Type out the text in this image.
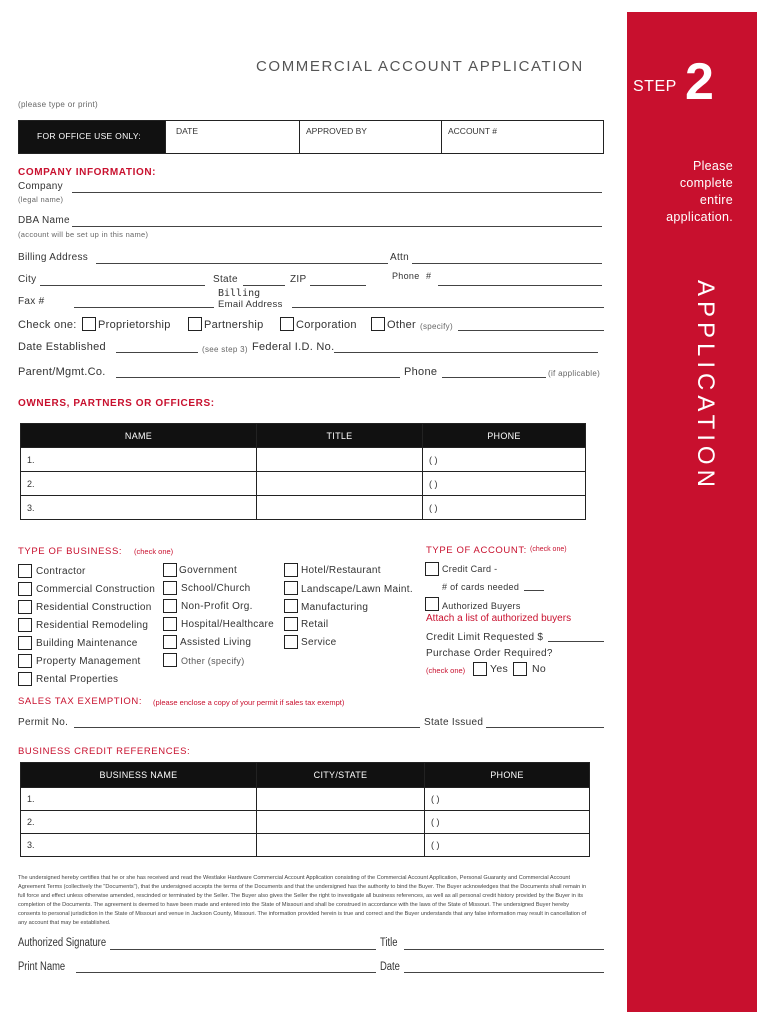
COMMERCIAL ACCOUNT APPLICATION
(please type or print)
FOR OFFICE USE ONLY:	DATE	APPROVED BY	ACCOUNT #
COMPANY INFORMATION:
Company
(legal name)
DBA Name
(account will be set up in this name)
Billing Address	Attn
City	State	ZIP	Phone #
Fax #
Billing
Email Address
Check one: Proprietorship	Partnership	Corporation	Other (specify)
Date Established	(see step 3) Federal I.D. No.
Parent/Mgmt.Co.	Phone	(if applicable)
OWNERS, PARTNERS OR OFFICERS:
NAME	TITLE	PHONE
1.		( )
2.		( )
3.		( )
TYPE OF BUSINESS: (check one)
Contractor
Commercial Construction
Residential Construction
Residential Remodeling
Building Maintenance
Property Management
Rental Properties
Government
School/Church
Non-Profit Org.
Hospital/Healthcare
Assisted Living
Other (specify)
Hotel/Restaurant
Landscape/Lawn Maint.
Manufacturing
Retail
Service
TYPE OF ACCOUNT: (check one)
Credit Card -
# of cards needed
Authorized Buyers
Attach a list of authorized buyers
Credit Limit Requested $
Purchase Order Required?
(check one) Yes No
SALES TAX EXEMPTION: (please enclose a copy of your permit if sales tax exempt)
Permit No.	State Issued
BUSINESS CREDIT REFERENCES:
BUSINESS NAME	CITY/STATE	PHONE
1.		( )
2.		( )
3.		( )
The undersigned hereby certifies that he or she has received and read the Westlake Hardware Commercial Account Application consisting of the Commercial Account Application, Personal Guaranty and Commercial Account Agreement Terms (collectively the "Documents"), that the undersigned accepts the terms of the Documents and that the undersigned has the authority to bind the Buyer. The Buyer acknowledges that the Documents shall remain in full force and effect unless otherwise amended, rescinded or terminated by the Seller. The Buyer also gives the Seller the right to investigate all business references, as well as all personal credit history provided by the Buyer in its completion of the Documents. The agreement is deemed to have been made and entered into the State of Missouri and shall be construed in accordance with the laws of the State of Missouri. The undersigned Buyer hereby consents to personal jurisdiction in the State of Missouri and venue in Jackson County, Missouri. The information provided herein is true and correct and the Buyer understands that any false information may result in cancellation of any account that may be established.
Authorized Signature	Title
Print Name	Date
STEP 2
Please complete entire application.
APPLICATION
